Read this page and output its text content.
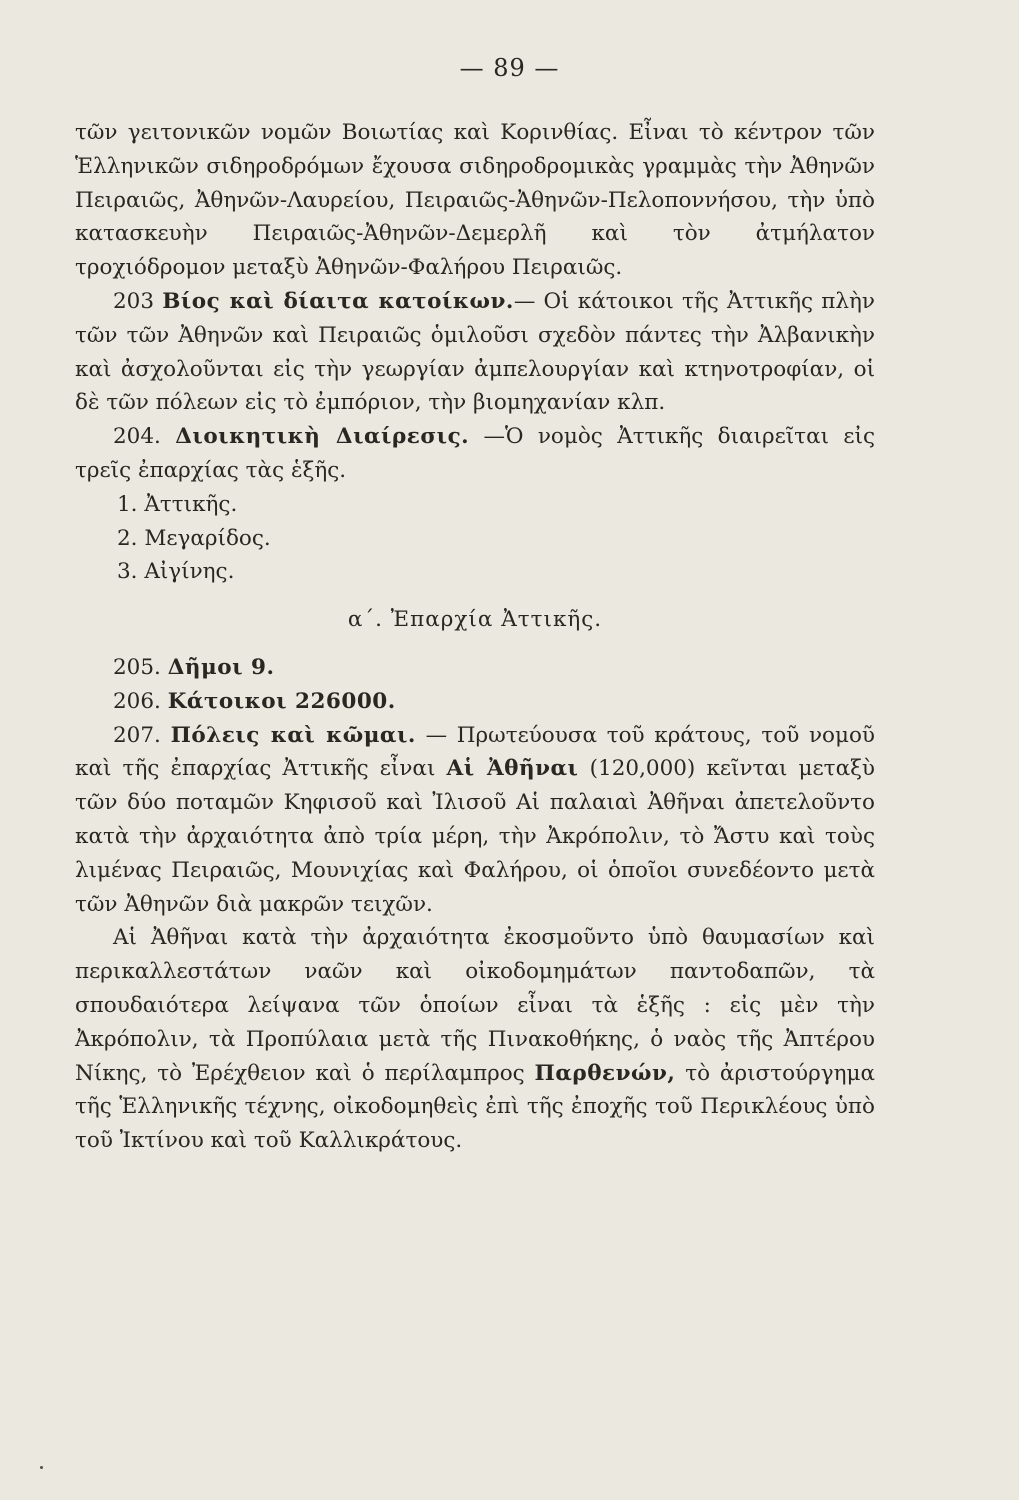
— 89 —

τῶν γειτονικῶν νομῶν Βοιωτίας καὶ Κορινθίας. Εἶναι τὸ κέντρον τῶν Ἑλληνικῶν σιδηροδρόμων ἔχουσα σιδηροδρομικὰς γραμμὰς τὴν Ἀθηνῶν Πειραιῶς, Ἀθηνῶν-Λαυρείου, Πειραιῶς-Ἀθηνῶν-Πελοποννήσου, τὴν ὑπὸ κατασκευὴν Πειραιῶς-Ἀθηνῶν-Δεμερλῆ καὶ τὸν ἀτμήλατον τροχιόδρομον μεταξὺ Ἀθηνῶν-Φαλήρου Πειραιῶς.

203 Βίος καὶ δίαιτα κατοίκων.— Οἱ κάτοικοι τῆς Ἀττικῆς πλὴν τῶν τῶν Ἀθηνῶν καὶ Πειραιῶς ὁμιλοῦσι σχεδὸν πάντες τὴν Ἀλβανικὴν καὶ ἀσχολοῦνται εἰς τὴν γεωργίαν ἀμπελουργίαν καὶ κτηνοτροφίαν, οἱ δὲ τῶν πόλεων εἰς τὸ ἐμπόριον, τὴν βιομηχανίαν κλπ.

204. Διοικητικὴ Διαίρεσις. —Ὁ νομὸς Ἀττικῆς διαιρεῖται εἰς τρεῖς ἐπαρχίας τὰς ἑξῆς.

1. Ἀττικῆς.
2. Μεγαρίδος.
3. Αἰγίνης.
α΄. Ἐπαρχία Ἀττικῆς.

205. Δῆμοι 9.

206. Κάτοικοι 226000.

207. Πόλεις καὶ κῶμαι. — Πρωτεύουσα τοῦ κράτους, τοῦ νομοῦ καὶ τῆς ἐπαρχίας Ἀττικῆς εἶναι Αἱ Ἀθῆναι (120,000) κεῖνται μεταξὺ τῶν δύο ποταμῶν Κηφισοῦ καὶ Ἰλισοῦ Αἱ παλαιαὶ Ἀθῆναι ἀπετελοῦντο κατὰ τὴν ἀρχαιότητα ἀπὸ τρία μέρη, τὴν Ἀκρόπολιν, τὸ Ἄστυ καὶ τοὺς λιμένας Πειραιῶς, Μουνιχίας καὶ Φαλήρου, οἱ ὁποῖοι συνεδέοντο μετὰ τῶν Ἀθηνῶν διὰ μακρῶν τειχῶν.

Αἱ Ἀθῆναι κατὰ τὴν ἀρχαιότητα ἐκοσμοῦντο ὑπὸ θαυμασίων καὶ περικαλλεστάτων ναῶν καὶ οἰκοδομημάτων παντοδαπῶν, τὰ σπουδαιότερα λείψανα τῶν ὁποίων εἶναι τὰ ἑξῆς : εἰς μὲν τὴν Ἀκρόπολιν, τὰ Προπύλαια μετὰ τῆς Πινακοθήκης, ὁ ναὸς τῆς Ἀπτέρου Νίκης, τὸ Ἐρέχθειον καὶ ὁ περίλαμπρος Παρθενών, τὸ ἀριστούργημα τῆς Ἑλληνικῆς τέχνης, οἰκοδομηθεὶς ἐπὶ τῆς ἐποχῆς τοῦ Περικλέους ὑπὸ τοῦ Ἰκτίνου καὶ τοῦ Καλλικράτους.
